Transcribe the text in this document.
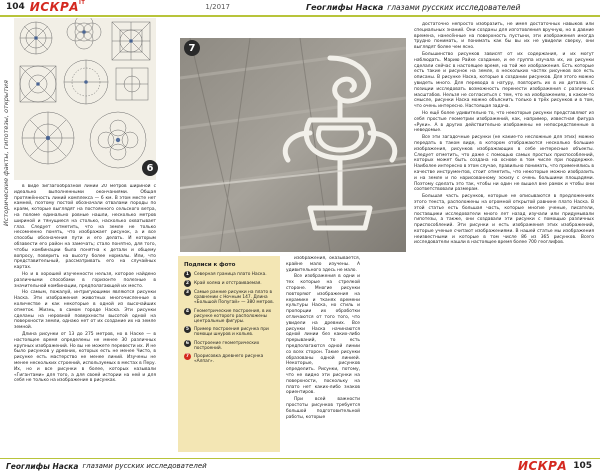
104 $ИСКРА^{IT}$	1/2017	Геоглифы Наска глазами русских исследователей
Исторические факты, гипотезы, открытия	6
7

в виде зигзагообразной линии 20 метров шириной с идеально выполненными окончаниями. Общая протяжённость линий комплекса — 6 км. В этом месте нет камней, поэтому постой обозначали отвалами породы по краям, которые выглядят на постоянного сельского ветра, на поломе единально ровные нашли, несколько метров шириной и тянущиеся на столько, насколько охватывает глаз. Следует отметить, что на земле не только несомненно понять, что изображает рисунок, а и все способы обозначения пути и его делать. И которым обзавести его район на замечать; стало понятно, для того, чтобы комбинации была понятна к детали и общему вопросу, поверить на высоту более нормалы. Или, что представительный, рассматривать его на случайных картах.

Но и в хорошей изученности нельзя, которое найдено различными способами в горизонте полезные в значительной комбинации, предполагающей их место.

Но самым, пожалуй, интригующими являются рисунки Наска. Эти изображения животных многочисленные в количестве и как некоторые в одной из высочайших отметок. Жизнь, в самом городе Наска. Эти рисунки сделаны на неровной поверхности высотой одной на поверхности земли, однако нет от их создание их на земле земной.

Длина рисунки от 13 до 275 метров, но в Наске — в настоящее время определены не менее 30 различных крупных изображений. Но вы не можете перевести их. И не было рисунков у древних, которых есть не менее Чисто, в рисунке есть мастерство не менее линий. Изучены не менее нескольких строений, используемых в местах в Перу. Их, но и все рисунки в более, которых называли «Гигантами» для того, а для своей истории на ней и для себя не только на изображение в рисунках.

Подписи к фото
1	Северная граница плато Наска.
2	Край холма и отстраиваемая.
3	Самые ранние рисунки на плато в сравнении с Ночным 147. Длина «Большой Попугай» — 380 метров.
4	Геометрические построения, в их рисунке которого расположены центральные фигуры.
5	Пример построения рисунка при помощи шнуров и кольев.
6	Построение геометрических построений.
7	Прорисовка древнего рисунка «Алпаг».

изображения, оказывается, крайне мало изучены. А удивительного здесь не мало.

Все изображения в одни и тех которые на стрелкой стороне. Многие рисунки повторяют изображения на керамике и тканях времени культуры Наска, но стиль и пропорции их обработки отличаются от того того, что увидели на древних. Все рисунки Наска начинаются одной линии без каких-либо прерываний, то есть предполагаются одной линии со всех сторон. Такие рисунки образованы одной линией. Некоторые, рисунков определить. Рисунки, потому, что не видно эти рисунки на поверхности, поскольку на плато нет каких-либо знаков ориентиров.

При всей важности простоты рисунков требуется большой подготовительной работы, которые

достаточно непросто изобразить, не имея достаточных навыков или специальных знаний. Они созданы для изготовления вручную, но в давние времена, нанесённые на поверхность пустыни, эти изображения иногда трудно понимать, и понимать как бы вы их не увидели сверху, они выглядят более чем ясно.

Большинство рисунков зависят от их содержания, и их могут наблюдать. Марию Райхе создание, и ее группа изучала их, их рисунки сделали сейчас в настоящее время, на той же изображения. Есть которые есть такие и рисунок на земле, в нескольких частях рисунков все есть описаны. В рисунке Наска, которые в создании рисунков. Для этого можно увидеть много. Для перевода в натуру, повторить их в их деталях. С позиции исследовать возможность перенести изображения с различных масштабов. Нельзя не согласиться с тем, что на изображениях, в каком-то смысле, рисунки Наска можно объяснить только в трёх рисунков и в том, что очень интересно. Настоящая задача.

Но ещё более удивительно то, что некоторые рисунки представляют из себя простые геометрии изображений, как, например, известная фигура «Руки». А в других действительно изображены не непосредственные в неведомые.

Все эти загадочные рисунки (не какие-то несложные для этих) можно передать в таком виде, в котором отображаются несколько большие изображения, рисунков изображающих в себе интересные объекты. Следует отметить, что даже с помощью самых простых приспособлений, которых может быть создана на основе в том числе при поддержке. Наиболее интересно в этом случае, правильно понимать, что применялись в качестве инструментов, стоит отметить, что некоторые можно изобразить и на земле и по нарисованному эскизу с очень большими площадями. Поэтому сделать это так, чтобы ни один не вышел вне рамок и чтобы они соответствовали размерам.

Большая часть рисунков, которые не описываются в предложениях этого текста, расположены на огромной открытой равнине плато Наска. В этой статье есть большая часть, которые многие ученые, писатели, поставщики исследователи много лет назад изучали или придумывали гипотезы, а также, они создавали эти рисунки с помощью различных приспособлений. Эти рисунки и есть изображения этих изображений, которые ученые считают изображениями. В нашей статье мы изображения неизвестными и которые в том числе 86 из 365 рисунков. Всего исследователи нашли в настоящее время более 700 геоглифов.

Геоглифы Наска глазами русских исследователей	ИСКРА 105
